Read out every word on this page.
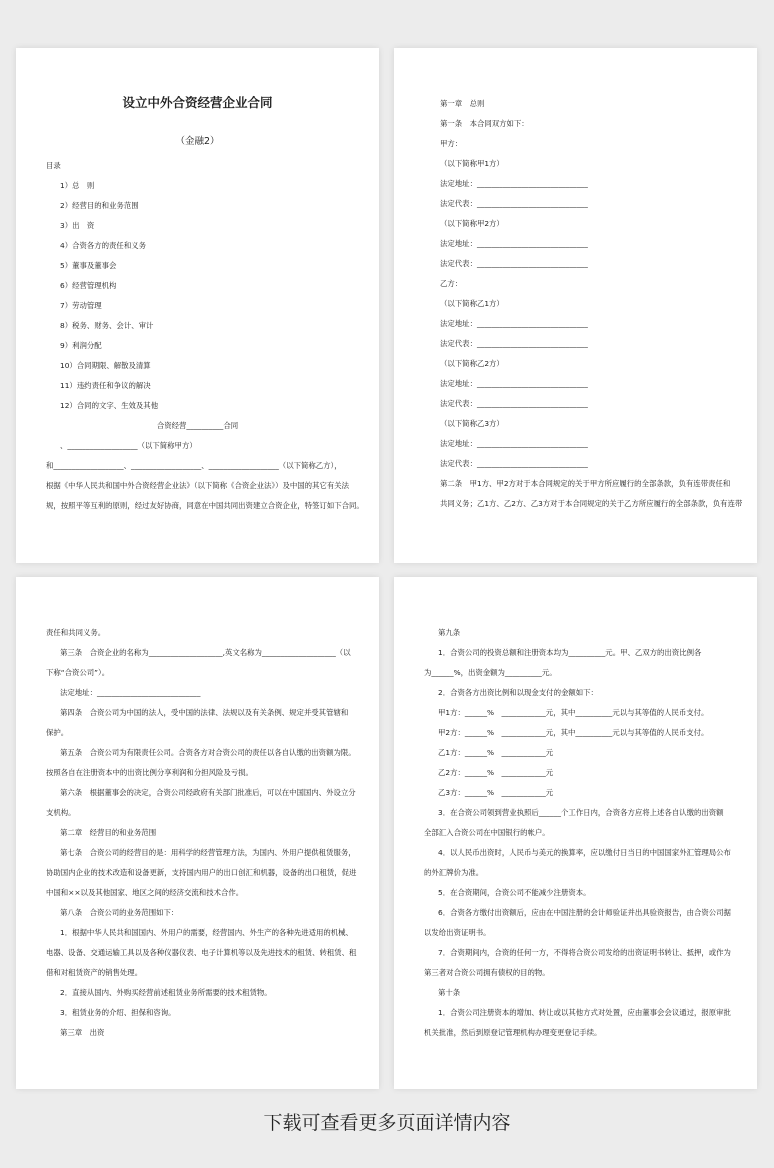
设立中外合资经营企业合同
（金融2）
目录
1）总　则
2）经营目的和业务范围
3）出　资
4）合资各方的责任和义务
5）董事及董事会
6）经营管理机构
7）劳动管理
8）税务、财务、会计、审计
9）利润分配
10）合同期限、解散及清算
11）违约责任和争议的解决
12）合同的文字、生效及其他
合资经营__________合同
、___________________（以下简称甲方）
和___________________、___________________、___________________（以下简称乙方），
根据《中华人民共和国中外合资经营企业法》（以下简称《合资企业法》）及中国的其它有关法
规，按照平等互利的原则，经过友好协商，同意在中国共同出资建立合资企业，特签订如下合同。
第一章　总则
第一条　本合同双方如下：
甲方：
（以下简称甲1方）
法定地址：______________________________
法定代表：______________________________
（以下简称甲2方）
法定地址：______________________________
法定代表：______________________________
乙方：
（以下简称乙1方）
法定地址：______________________________
法定代表：______________________________
（以下简称乙2方）
法定地址：______________________________
法定代表：______________________________
（以下简称乙3方）
法定地址：______________________________
法定代表：______________________________
第二条　甲1方、甲2方对于本合同规定的关于甲方所应履行的全部条款，负有连带责任和
共同义务；乙1方、乙2方、乙3方对于本合同规定的关于乙方所应履行的全部条款，负有连带
责任和共同义务。
第三条　合资企业的名称为____________________,英文名称为____________________（以
下称“合资公司”）。
法定地址：____________________________
第四条　合资公司为中国的法人，受中国的法律、法规以及有关条例、规定并受其管辖和
保护。
第五条　合资公司为有限责任公司。合资各方对合资公司的责任以各自认缴的出资额为限。
按照各自在注册资本中的出资比例分享利润和分担风险及亏损。
第六条　根据董事会的决定，合资公司经政府有关部门批准后，可以在中国国内、外设立分
支机构。
第二章　经营目的和业务范围
第七条　合资公司的经营目的是：用科学的经营管理方法，为国内、外用户提供租赁服务，
协助国内企业的技术改造和设备更新，支持国内用户的出口创汇和机器，设备的出口租赁，促进
中国和××以及其他国家、地区之间的经济交流和技术合作。
第八条　合资公司的业务范围如下：
1．根据中华人民共和国国内、外用户的需要，经营国内、外生产的各种先进适用的机械、
电器、设备、交通运输工具以及各种仪器仪表、电子计算机等以及先进技术的租赁、转租赁、租
借和对租赁资产的销售处理。
2．直接从国内、外购买经营前述租赁业务所需要的技术租赁物。
3．租赁业务的介绍、担保和咨询。
第三章　出资
第九条
1．合资公司的投资总额和注册资本均为__________元。甲、乙双方的出资比例各
为______%，出资金额为__________元。
2．合资各方出资比例和以现金支付的金额如下：
甲1方：______%　____________元，其中__________元以与其等值的人民币支付。
甲2方：______%　____________元，其中__________元以与其等值的人民币支付。
乙1方：______%　____________元
乙2方：______%　____________元
乙3方：______%　____________元
3．在合资公司领到营业执照后______个工作日内，合资各方应将上述各自认缴的出资额
全部汇入合资公司在中国银行的帐户。
4．以人民币出资时，人民币与美元的换算率，应以缴付日当日的中国国家外汇管理局公布
的外汇牌价为准。
5．在合资期间，合资公司不能减少注册资本。
6．合资各方缴付出资额后，应由在中国注册的会计师验证并出具验资报告，由合资公司据
以发给出资证明书。
7．合资期间内，合资的任何一方，不得将合资公司发给的出资证明书转让、抵押，或作为
第三者对合资公司拥有债权的目的物。
第十条
1．合资公司注册资本的增加、转让或以其他方式对处置，应由董事会会议通过，报原审批
机关批准，然后到原登记管理机构办理变更登记手续。
下载可查看更多页面详情内容
